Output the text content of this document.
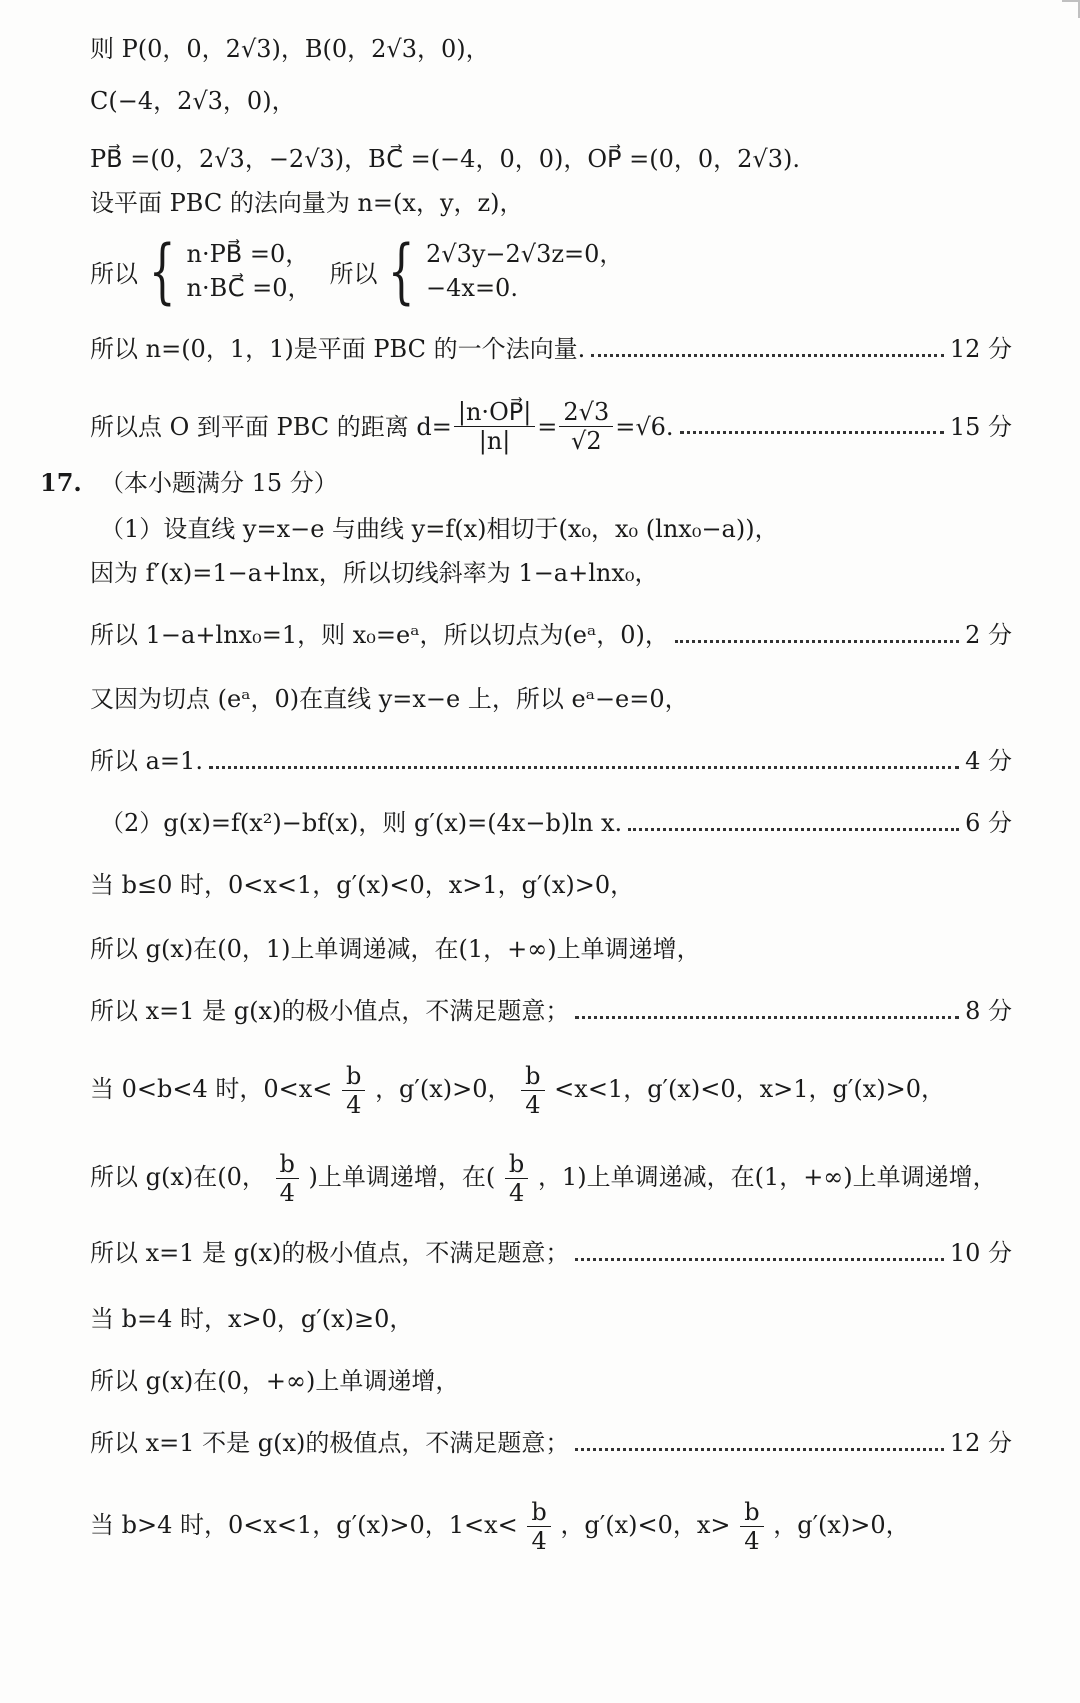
则 P(0，0，2√3)，B(0，2√3，0)，
C(−4，2√3，0)，
PB⃗ =(0，2√3，−2√3)，BC⃗ =(−4，0，0)，OP⃗ =(0，0，2√3).
设平面 PBC 的法向量为 n=(x，y，z)，
所以 { n·PB⃗ =0，
n·BC⃗ =0，
所以 { 2√3y−2√3z=0，
−4x=0.
所以 n=(0，1，1)是平面 PBC 的一个法向量.	12 分
所以点 O 到平面 PBC 的距离 $d= \frac{|n\cdot OP⃗|}{|n|} = \frac{2√3}{√2} =√6$.	15 分
17. （本小题满分 15 分）
（1）设直线 y=x−e 与曲线 y=f(x)相切于(x₀，x₀ (lnx₀−a))，
因为 f′(x)=1−a+lnx，所以切线斜率为 1−a+lnx₀，
所以 1−a+lnx₀=1，则 x₀=eᵃ，所以切点为(eᵃ，0)，	2 分
又因为切点 (eᵃ，0)在直线 y=x−e 上，所以 eᵃ−e=0，
所以 a=1.	4 分
（2）g(x)=f(x²)−bf(x)，则 g′(x)=(4x−b)ln x.	6 分
当 b≤0 时，0<x<1，g′(x)<0，x>1，g′(x)>0，
所以 g(x)在(0，1)上单调递减，在(1，+∞)上单调递增，
所以 x=1 是 g(x)的极小值点，不满足题意；	8 分
当 0<b<4 时，$0<x< \frac{b}{4}$ ，g′(x)>0， $\frac{b}{4} <x<1$，g′(x)<0，x>1，g′(x)>0，
所以 g(x)在(0， $\frac{b}{4}$ )上单调递增，在( $\frac{b}{4}$ ，1)上单调递减，在(1，+∞)上单调递增，
所以 x=1 是 g(x)的极小值点，不满足题意；	10 分
当 b=4 时，x>0，g′(x)≥0，
所以 g(x)在(0，+∞)上单调递增，
所以 x=1 不是 g(x)的极值点，不满足题意；	12 分
当 b>4 时，0<x<1，g′(x)>0，$1<x< \frac{b}{4}$ ，g′(x)<0，$x> \frac{b}{4}$ ，g′(x)>0，
